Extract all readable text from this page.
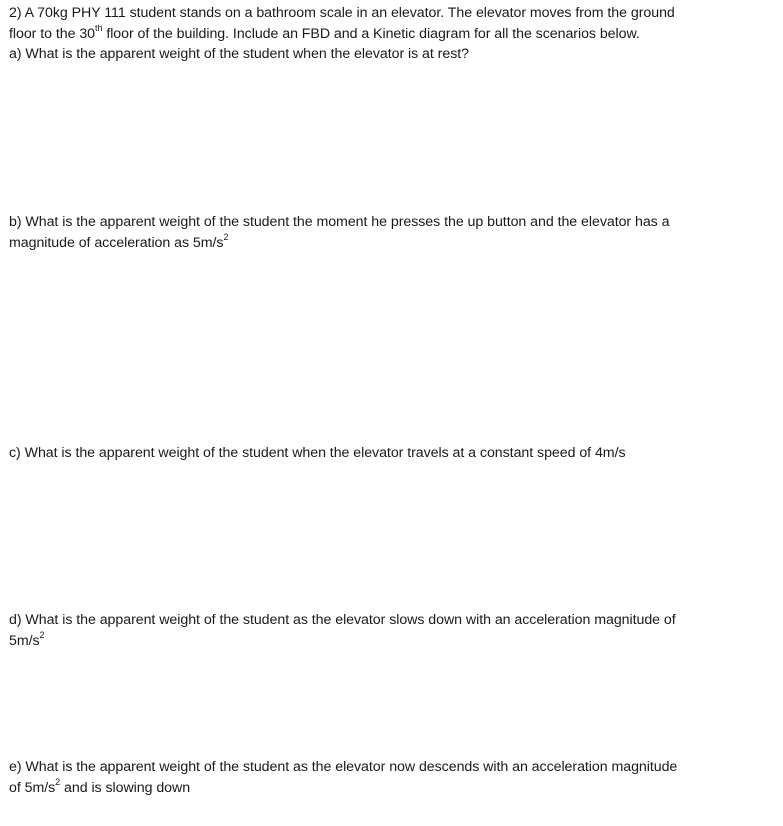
2) A 70kg PHY 111 student stands on a bathroom scale in an elevator. The elevator moves from the ground
floor to the 30th floor of the building. Include an FBD and a Kinetic diagram for all the scenarios below.

a) What is the apparent weight of the student when the elevator is at rest?

b) What is the apparent weight of the student the moment he presses the up button and the elevator has a
magnitude of acceleration as $5m/s^2$

c) What is the apparent weight of the student when the elevator travels at a constant speed of 4m/s

d) What is the apparent weight of the student as the elevator slows down with an acceleration magnitude of
$5m/s^2$

e) What is the apparent weight of the student as the elevator now descends with an acceleration magnitude
of $5m/s^2$ and is slowing down
